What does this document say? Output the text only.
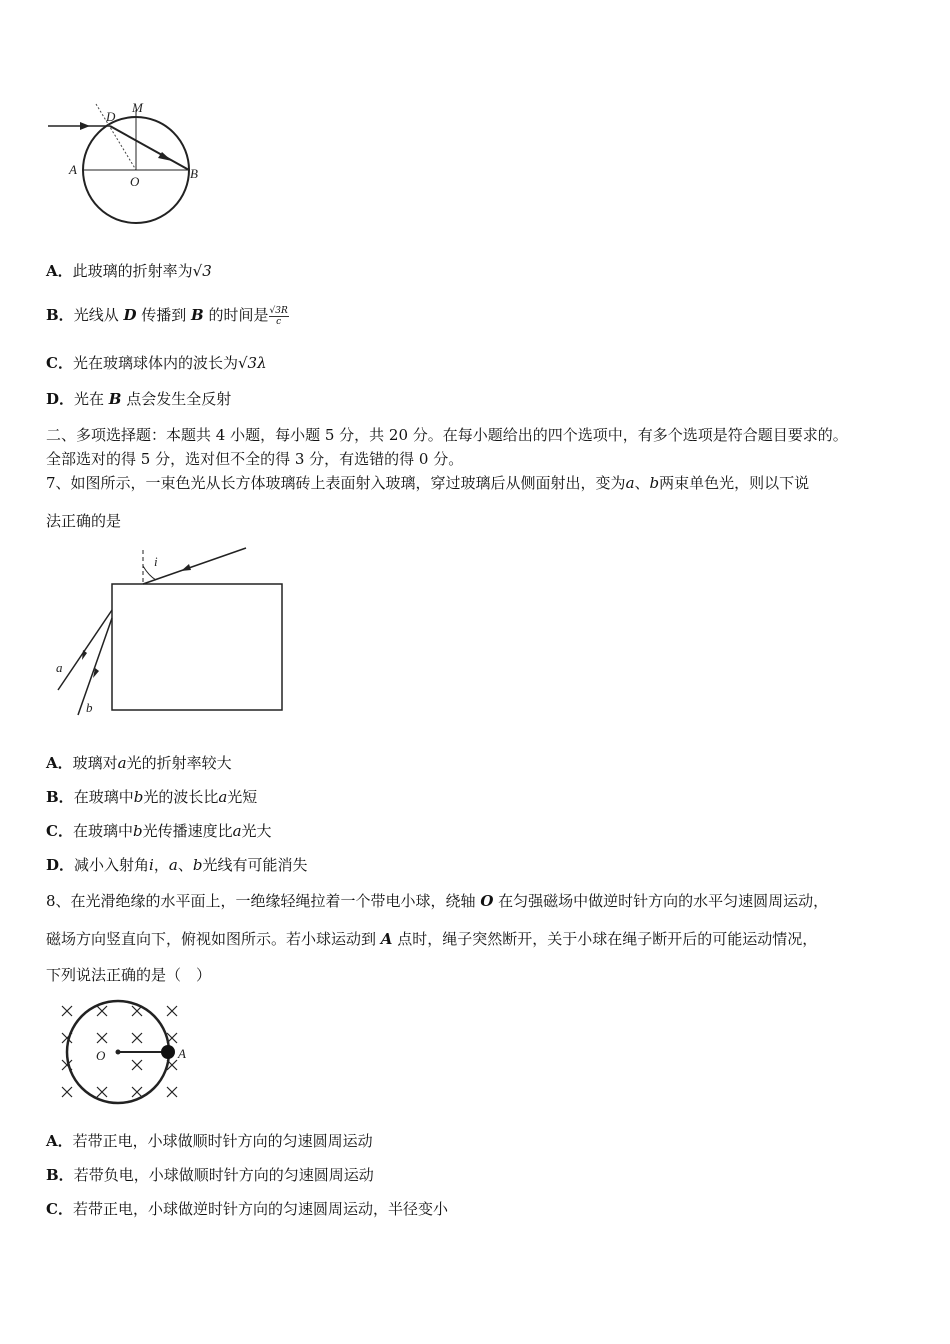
D
M
A
O
B
A．此玻璃的折射率为√3
B．光线从 D 传播到 B 的时间是 $\frac{√3R}{c}$
C．光在玻璃球体内的波长为√3λ
D．光在 B 点会发生全反射
二、多项选择题：本题共 4 小题，每小题 5 分，共 20 分。在每小题给出的四个选项中，有多个选项是符合题目要求的。
全部选对的得 5 分，选对但不全的得 3 分，有选错的得 0 分。
7、如图所示，一束色光从长方体玻璃砖上表面射入玻璃，穿过玻璃后从侧面射出，变为a、b两束单色光，则以下说
法正确的是
i
a
b
A．玻璃对a光的折射率较大
B．在玻璃中b光的波长比a光短
C．在玻璃中b光传播速度比a光大
D．减小入射角i，a、b光线有可能消失
8、在光滑绝缘的水平面上，一绝缘轻绳拉着一个带电小球，绕轴 O 在匀强磁场中做逆时针方向的水平匀速圆周运动，
磁场方向竖直向下，俯视如图所示。若小球运动到 A 点时，绳子突然断开，关于小球在绳子断开后的可能运动情况，
下列说法正确的是（　）
O	A
A．若带正电，小球做顺时针方向的匀速圆周运动
B．若带负电，小球做顺时针方向的匀速圆周运动
C．若带正电，小球做逆时针方向的匀速圆周运动，半径变小
